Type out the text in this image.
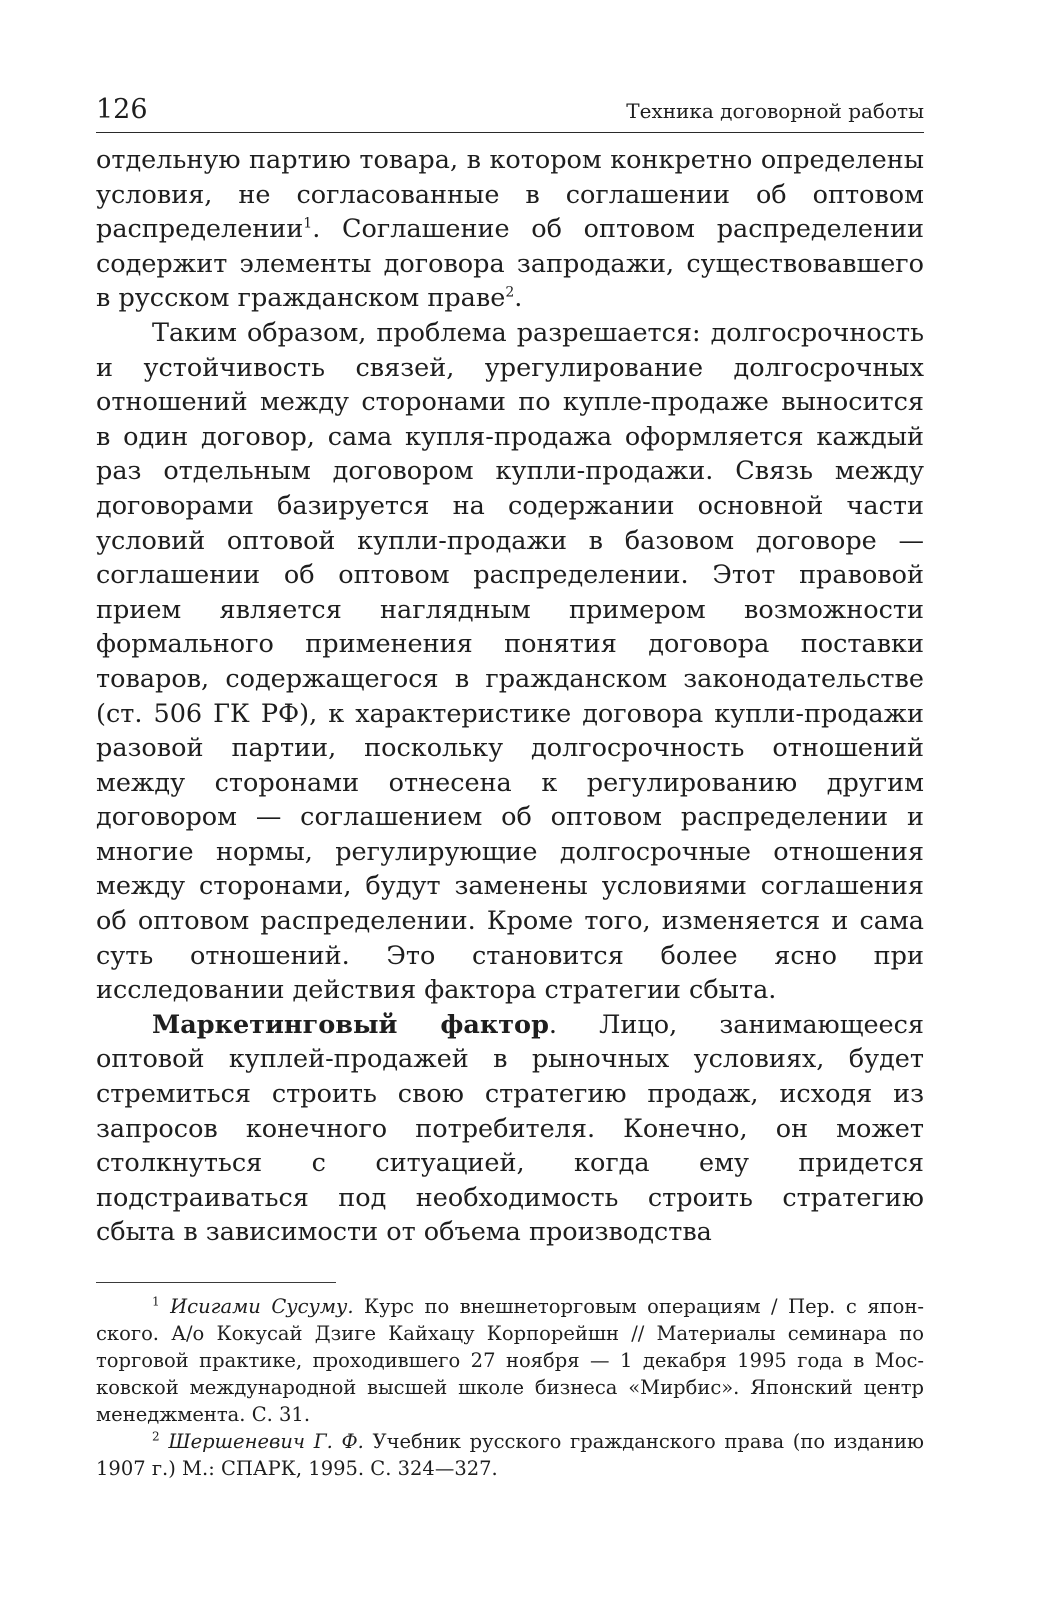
126	Техника договорной работы

отдельную партию товара, в котором конкретно определены условия, не согласованные в соглашении об оптовом распределении$^1$. Соглашение об оптовом распределении содержит элементы договора запродажи, существовавшего в русском гражданском праве$^2$.

Таким образом, проблема разрешается: долгосрочность и устойчивость связей, урегулирование долгосрочных отношений между сторонами по купле-продаже выносится в один договор, сама купля-продажа оформляется каждый раз отдельным договором купли-продажи. Связь между договорами базируется на содержании основной части условий оптовой купли-продажи в базовом договоре — соглашении об оптовом распределении. Этот правовой прием является наглядным примером возможности формального применения понятия договора поставки товаров, содержащегося в гражданском законодательстве (ст. 506 ГК РФ), к характеристике договора купли-продажи разовой партии, поскольку долгосрочность отношений между сторонами отнесена к регулированию другим договором — соглашением об оптовом распределении и многие нормы, регулирующие долгосрочные отношения между сторонами, будут заменены условиями соглашения об оптовом распределении. Кроме того, изменяется и сама суть отношений. Это становится более ясно при исследовании действия фактора стратегии сбыта.

Маркетинговый фактор. Лицо, занимающееся оптовой куплей-продажей в рыночных условиях, будет стремиться строить свою стратегию продаж, исходя из запросов конечного потребителя. Конечно, он может столкнуться с ситуацией, когда ему придется подстраиваться под необходимость строить стратегию сбыта в зависимости от объема производства

$^1$ Исигами Сусуму. Курс по внешнеторговым операциям / Пер. с японского. А/о Кокусай Дзиге Кайхацу Корпорейшн // Материалы семинара по торговой практике, проходившего 27 ноября — 1 декабря 1995 года в Московской международной высшей школе бизнеса «Мирбис». Японский центр менеджмента. С. 31.

$^2$ Шершеневич Г. Ф. Учебник русского гражданского права (по изданию 1907 г.) М.: СПАРК, 1995. С. 324—327.
